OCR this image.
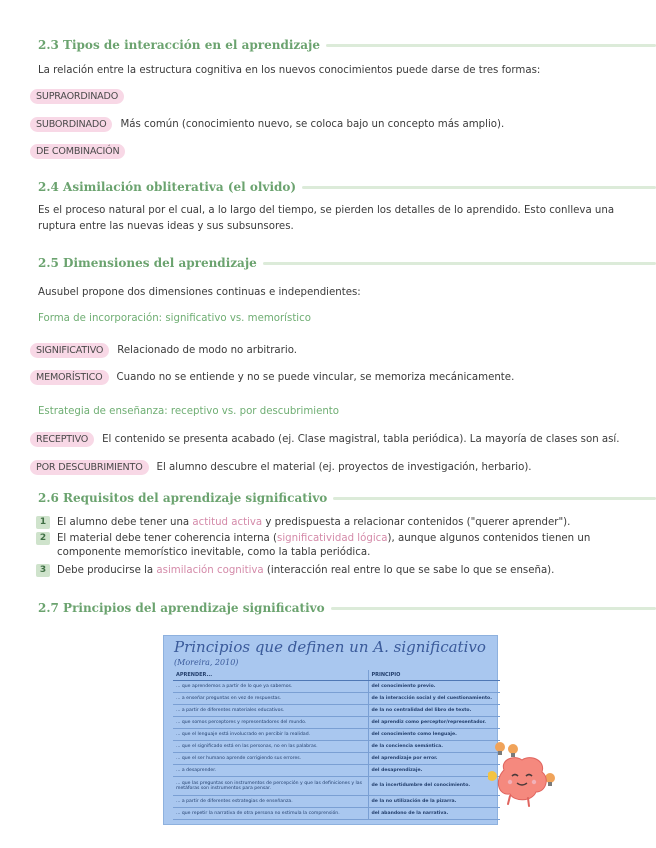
2.3 Tipos de interacción en el aprendizaje
La relación entre la estructura cognitiva en los nuevos conocimientos puede darse de tres formas:
SUPRAORDINADO
SUBORDINADO	Más común (conocimiento nuevo, se coloca bajo un concepto más amplio).
DE COMBINACIÓN
2.4 Asimilación obliterativa (el olvido)
Es el proceso natural por el cual, a lo largo del tiempo, se pierden los detalles de lo aprendido. Esto conlleva una ruptura entre las nuevas ideas y sus subsunsores.
2.5 Dimensiones del aprendizaje
Ausubel propone dos dimensiones continuas e independientes:
Forma de incorporación: significativo vs. memorístico
SIGNIFICATIVO	Relacionado de modo no arbitrario.
MEMORÍSTICO	Cuando no se entiende y no se puede vincular, se memoriza mecánicamente.
Estrategia de enseñanza: receptivo vs. por descubrimiento
RECEPTIVO	El contenido se presenta acabado (ej. Clase magistral, tabla periódica). La mayoría de clases son así.
POR DESCUBRIMIENTO	El alumno descubre el material (ej. proyectos de investigación, herbario).
2.6 Requisitos del aprendizaje significativo
1	El alumno debe tener una actitud activa y predispuesta a relacionar contenidos ("querer aprender").
2	El material debe tener coherencia interna (significatividad lógica), aunque algunos contenidos tienen un componente memorístico inevitable, como la tabla periódica.
3	Debe producirse la asimilación cognitiva (interacción real entre lo que se sabe lo que se enseña).
2.7 Principios del aprendizaje significativo
Principios que definen un A. significativo
(Moreira, 2010)
APRENDER...	PRINCIPIO
... que aprendemos a partir de lo que ya sabemos.	del conocimiento previo.
... a enseñar preguntas en vez de respuestas.	de la interacción social y del cuestionamiento.
... a partir de diferentes materiales educativos.	de la no centralidad del libro de texto.
... que somos perceptores y representadores del mundo.	del aprendiz como perceptor/representador.
... que el lenguaje está involucrado en percibir la realidad.	del conocimiento como lenguaje.
... que el significado está en las personas, no en las palabras.	de la conciencia semántica.
... que el ser humano aprende corrigiendo sus errores.	del aprendizaje por error.
... a desaprender.	del desaprendizaje.
... que las preguntas son instrumentos de percepción y que las definiciones y las metáforas son instrumentos para pensar.	de la incertidumbre del conocimiento.
... a partir de diferentes estrategias de enseñanza.	de la no utilización de la pizarra.
... que repetir la narrativa de otra persona no estimula la comprensión.	del abandono de la narrativa.
